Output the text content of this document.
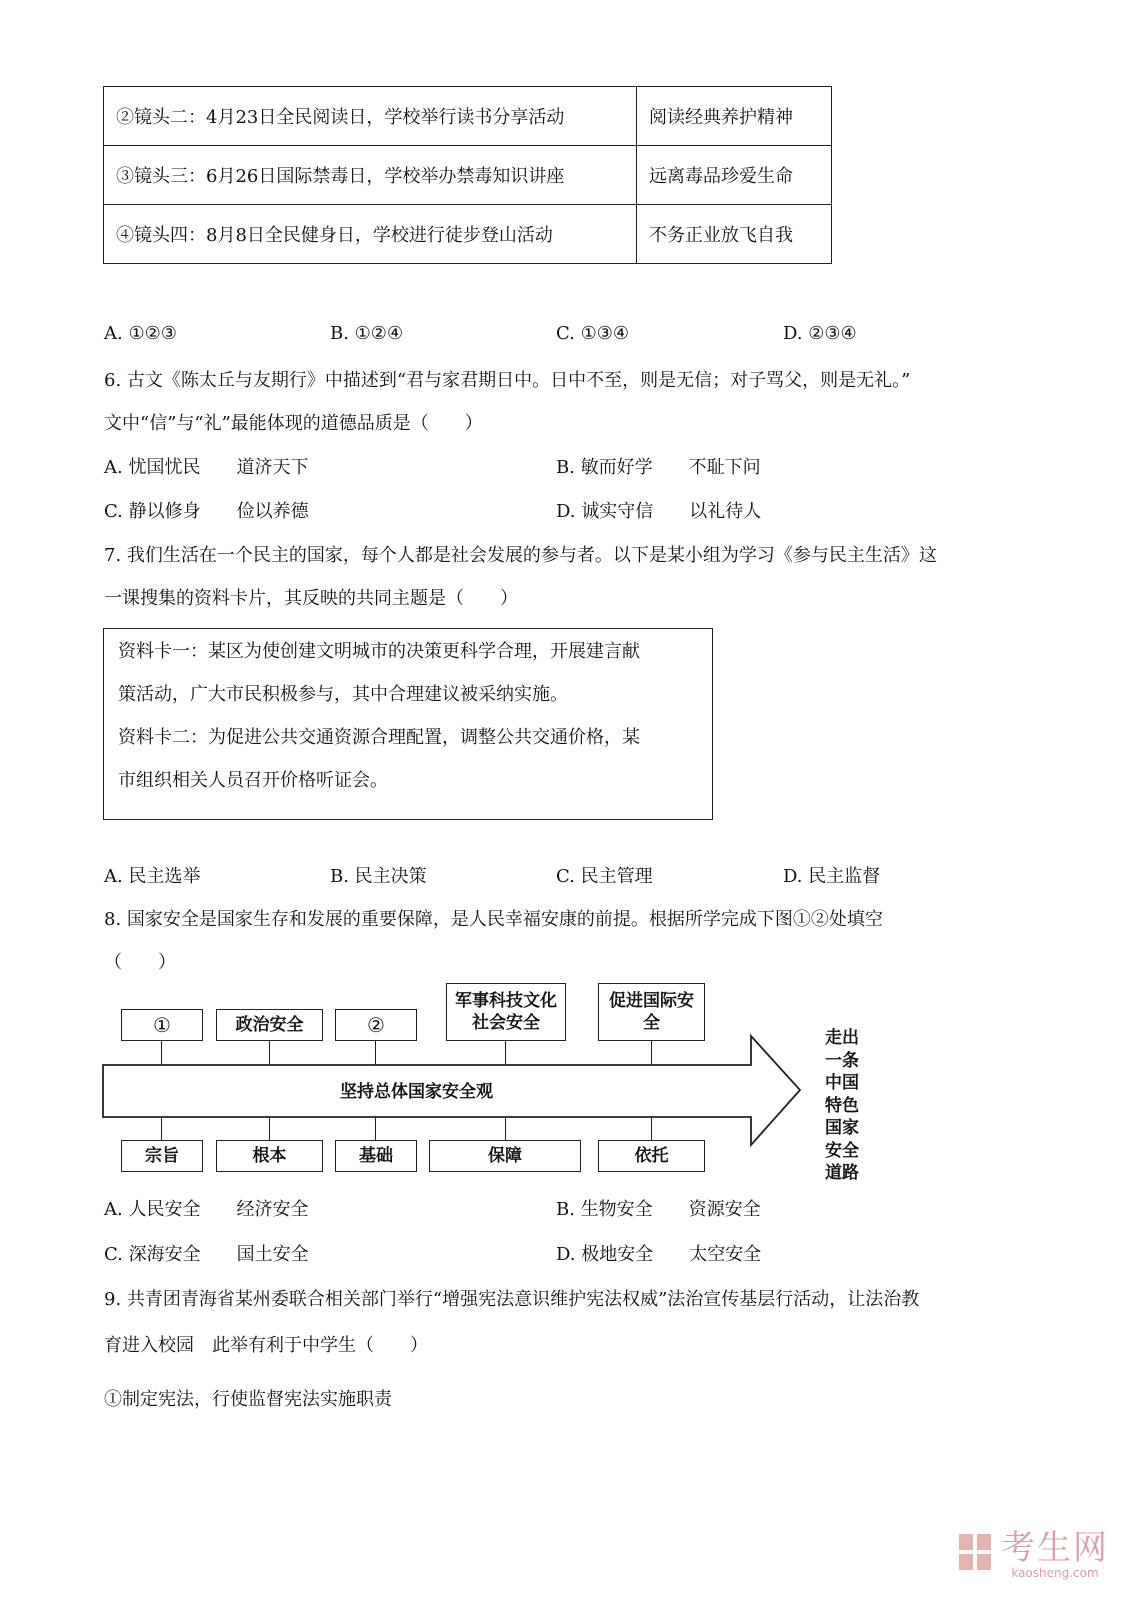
②镜头二：4月23日全民阅读日，学校举行读书分享活动	阅读经典养护精神
③镜头三：6月26日国际禁毒日，学校举办禁毒知识讲座	远离毒品珍爱生命
④镜头四：8月8日全民健身日，学校进行徒步登山活动	不务正业放飞自我
A. ①②③	B. ①②④	C. ①③④	D. ②③④
6. 古文《陈太丘与友期行》中描述到“君与家君期日中。日中不至，则是无信；对子骂父，则是无礼。”
文中“信”与“礼”最能体现的道德品质是（　　）
A. 忧国忧民　　道济天下	B. 敏而好学　　不耻下问
C. 静以修身　　俭以养德	D. 诚实守信　　以礼待人
7. 我们生活在一个民主的国家，每个人都是社会发展的参与者。以下是某小组为学习《参与民主生活》这
一课搜集的资料卡片，其反映的共同主题是（　　）
资料卡一：某区为使创建文明城市的决策更科学合理，开展建言献
策活动，广大市民积极参与，其中合理建议被采纳实施。
资料卡二：为促进公共交通资源合理配置，调整公共交通价格，某
市组织相关人员召开价格听证会。
A. 民主选举	B. 民主决策	C. 民主管理	D. 民主监督
8. 国家安全是国家生存和发展的重要保障，是人民幸福安康的前提。根据所学完成下图①②处填空
（　　）
坚持总体国家安全观
①	政治安全	②
军事科技文化社会安全
促进国际安全
宗旨	根本	基础	保障	依托
走出一条中国特色国家安全道路
A. 人民安全　　经济安全	B. 生物安全　　资源安全
C. 深海安全　　国土安全	D. 极地安全　　太空安全
9. 共青团青海省某州委联合相关部门举行“增强宪法意识维护宪法权威”法治宣传基层行活动，让法治教
育进入校园　此举有利于中学生（　　）
①制定宪法，行使监督宪法实施职责
考生网
kaosheng.com
